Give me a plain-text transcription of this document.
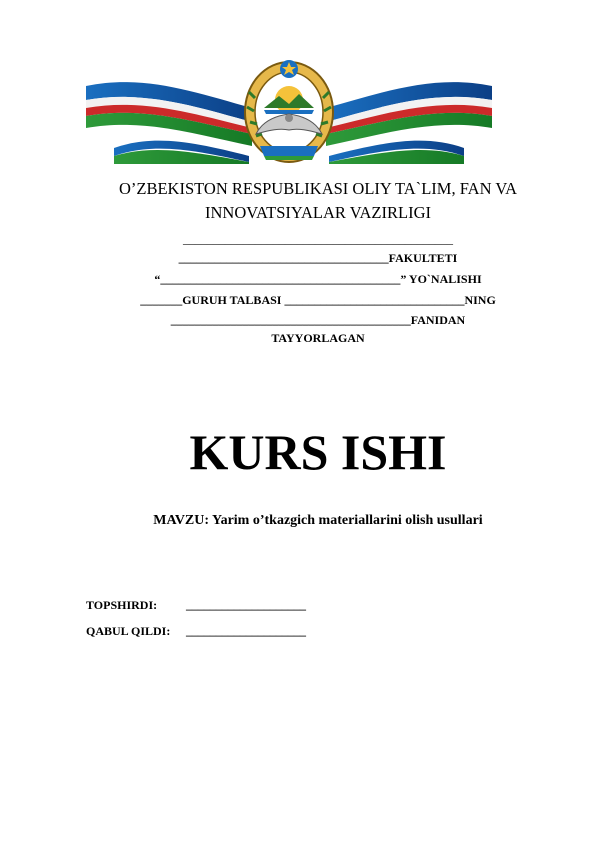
O’ZBEKISTON RESPUBLIKASI OLIY TA`LIM, FAN VA
INNOVATSIYALAR VAZIRLIGI
_____________________________________________
___________________________________FAKULTETI
“________________________________________” YO`NALISHI
_______GURUH TALBASI ______________________________NING
________________________________________FANIDAN
TAYYORLAGAN
KURS ISHI
MAVZU: Yarim o’tkazgich materiallarini olish usullari
TOPSHIRDI: ____________________
QABUL QILDI: ____________________
